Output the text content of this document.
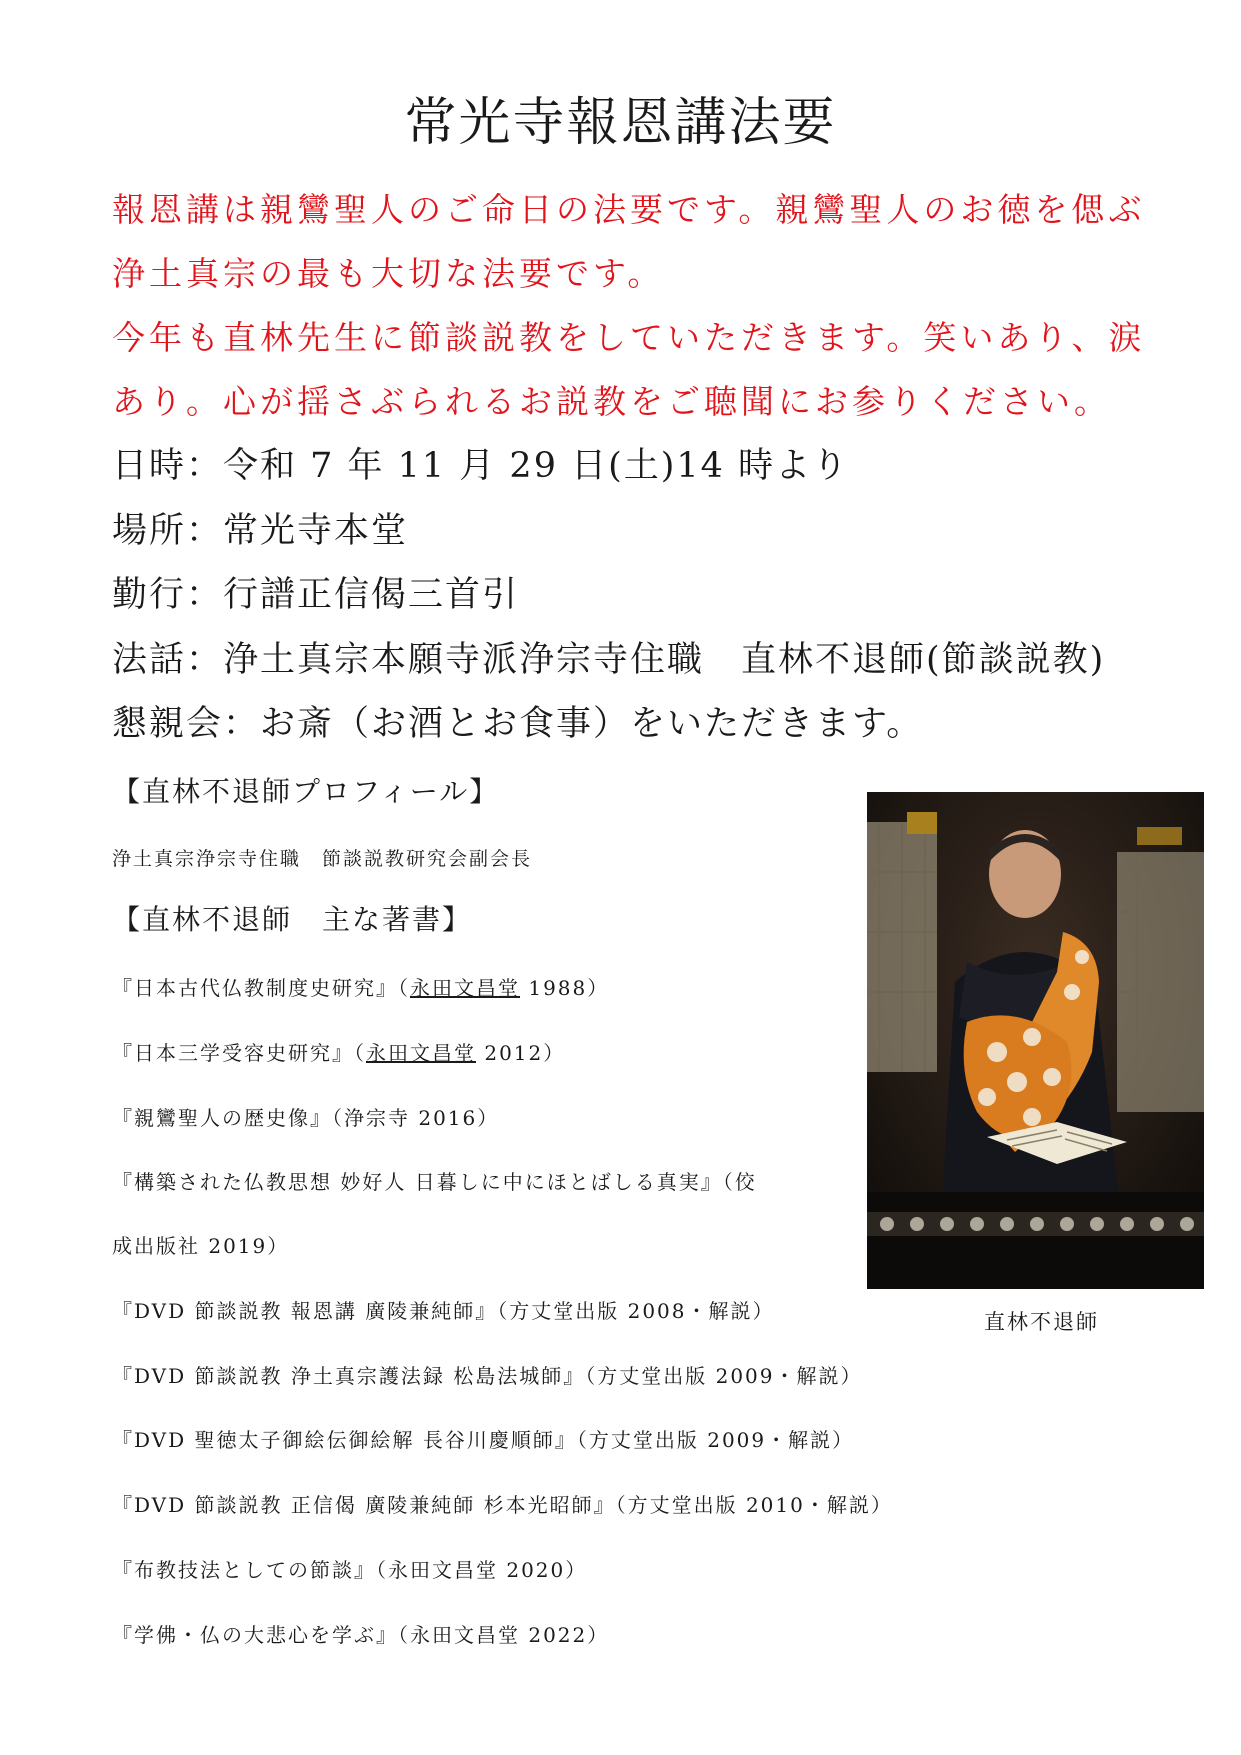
常光寺報恩講法要
報恩講は親鸞聖人のご命日の法要です。親鸞聖人のお徳を偲ぶ
浄土真宗の最も大切な法要です。
今年も直林先生に節談説教をしていただきます。笑いあり、涙
あり。心が揺さぶられるお説教をご聴聞にお参りください。
日時：令和 7 年 11 月 29 日(土)14 時より
場所：常光寺本堂
勤行：行譜正信偈三首引
法話：浄土真宗本願寺派浄宗寺住職　直林不退師(節談説教)
懇親会：お斎（お酒とお食事）をいただきます。
【直林不退師プロフィール】
浄土真宗浄宗寺住職　節談説教研究会副会長
【直林不退師　主な著書】
『日本古代仏教制度史研究』（永田文昌堂 1988）
『日本三学受容史研究』（永田文昌堂 2012）
『親鸞聖人の歴史像』（浄宗寺 2016）
『構築された仏教思想 妙好人 日暮しに中にほとばしる真実』（佼
成出版社 2019）
『DVD 節談説教 報恩講 廣陵兼純師』（方丈堂出版 2008・解説）
『DVD 節談説教 浄土真宗護法録 松島法城師』（方丈堂出版 2009・解説）
『DVD 聖徳太子御絵伝御絵解 長谷川慶順師』（方丈堂出版 2009・解説）
『DVD 節談説教 正信偈 廣陵兼純師 杉本光昭師』（方丈堂出版 2010・解説）
『布教技法としての節談』（永田文昌堂 2020）
『学佛・仏の大悲心を学ぶ』（永田文昌堂 2022）
直林不退師
